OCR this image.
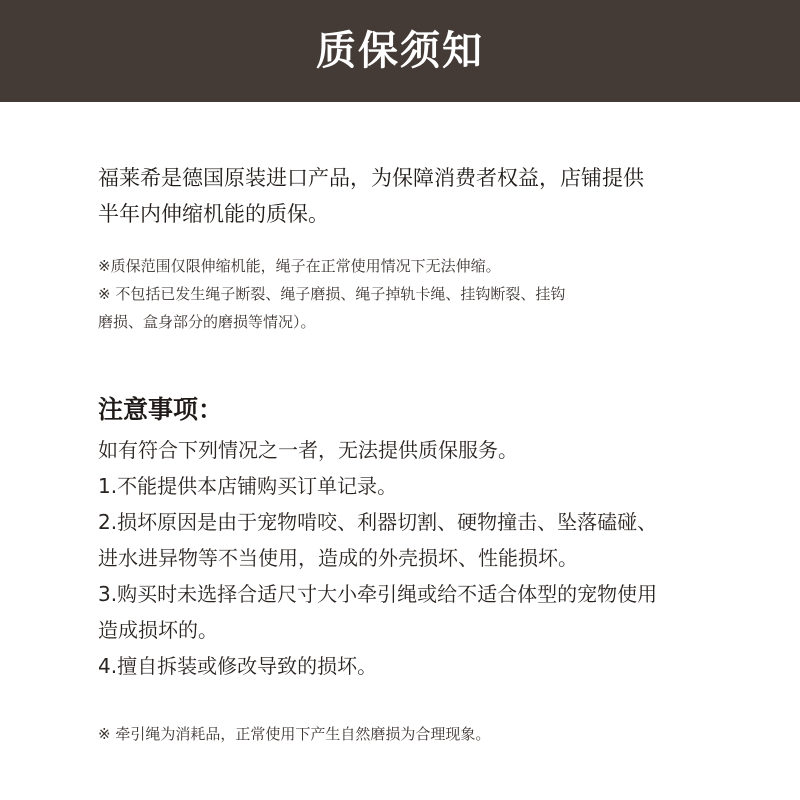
质保须知

福莱希是德国原装进口产品，为保障消费者权益，店铺提供
半年内伸缩机能的质保。

※质保范围仅限伸缩机能，绳子在正常使用情况下无法伸缩。

※ 不包括已发生绳子断裂、绳子磨损、绳子掉轨卡绳、挂钩断裂、挂钩

磨损、盒身部分的磨损等情况）。

注意事项：

如有符合下列情况之一者，无法提供质保服务。

1.不能提供本店铺购买订单记录。

2.损坏原因是由于宠物啃咬、利器切割、硬物撞击、坠落磕碰、

进水进异物等不当使用，造成的外壳损坏、性能损坏。

3.购买时未选择合适尺寸大小牵引绳或给不适合体型的宠物使用

造成损坏的。

4.擅自拆装或修改导致的损坏。

※ 牵引绳为消耗品，正常使用下产生自然磨损为合理现象。
